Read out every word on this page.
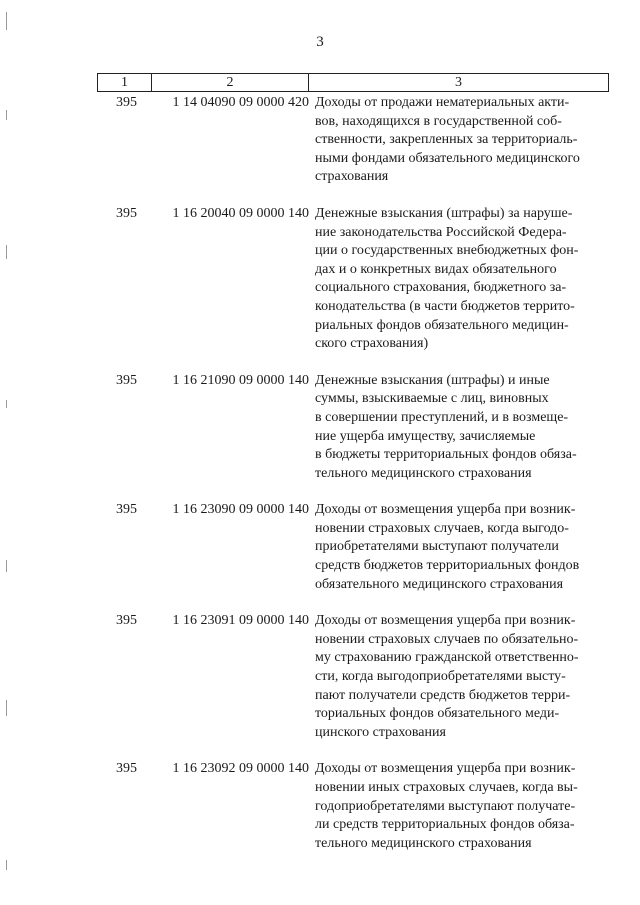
3
1	2	3
395	1 14 04090 09 0000 420 Доходы от продажи нематериальных акти-
вов, находящихся в государственной соб-
ственности, закрепленных за территориаль-
ными фондами обязательного медицинского
страхования
395	1 16 20040 09 0000 140 Денежные взыскания (штрафы) за наруше-
ние законодательства Российской Федера-
ции о государственных внебюджетных фон-
дах и о конкретных видах обязательного
социального страхования, бюджетного за-
конодательства (в части бюджетов террито-
риальных фондов обязательного медицин-
ского страхования)
395	1 16 21090 09 0000 140 Денежные взыскания (штрафы) и иные
суммы, взыскиваемые с лиц, виновных
в совершении преступлений, и в возмеще-
ние ущерба имуществу, зачисляемые
в бюджеты территориальных фондов обяза-
тельного медицинского страхования
395	1 16 23090 09 0000 140 Доходы от возмещения ущерба при возник-
новении страховых случаев, когда выгодо-
приобретателями выступают получатели
средств бюджетов территориальных фондов
обязательного медицинского страхования
395	1 16 23091 09 0000 140 Доходы от возмещения ущерба при возник-
новении страховых случаев по обязательно-
му страхованию гражданской ответственно-
сти, когда выгодоприобретателями высту-
пают получатели средств бюджетов терри-
ториальных фондов обязательного меди-
цинского страхования
395	1 16 23092 09 0000 140 Доходы от возмещения ущерба при возник-
новении иных страховых случаев, когда вы-
годоприобретателями выступают получате-
ли средств территориальных фондов обяза-
тельного медицинского страхования
